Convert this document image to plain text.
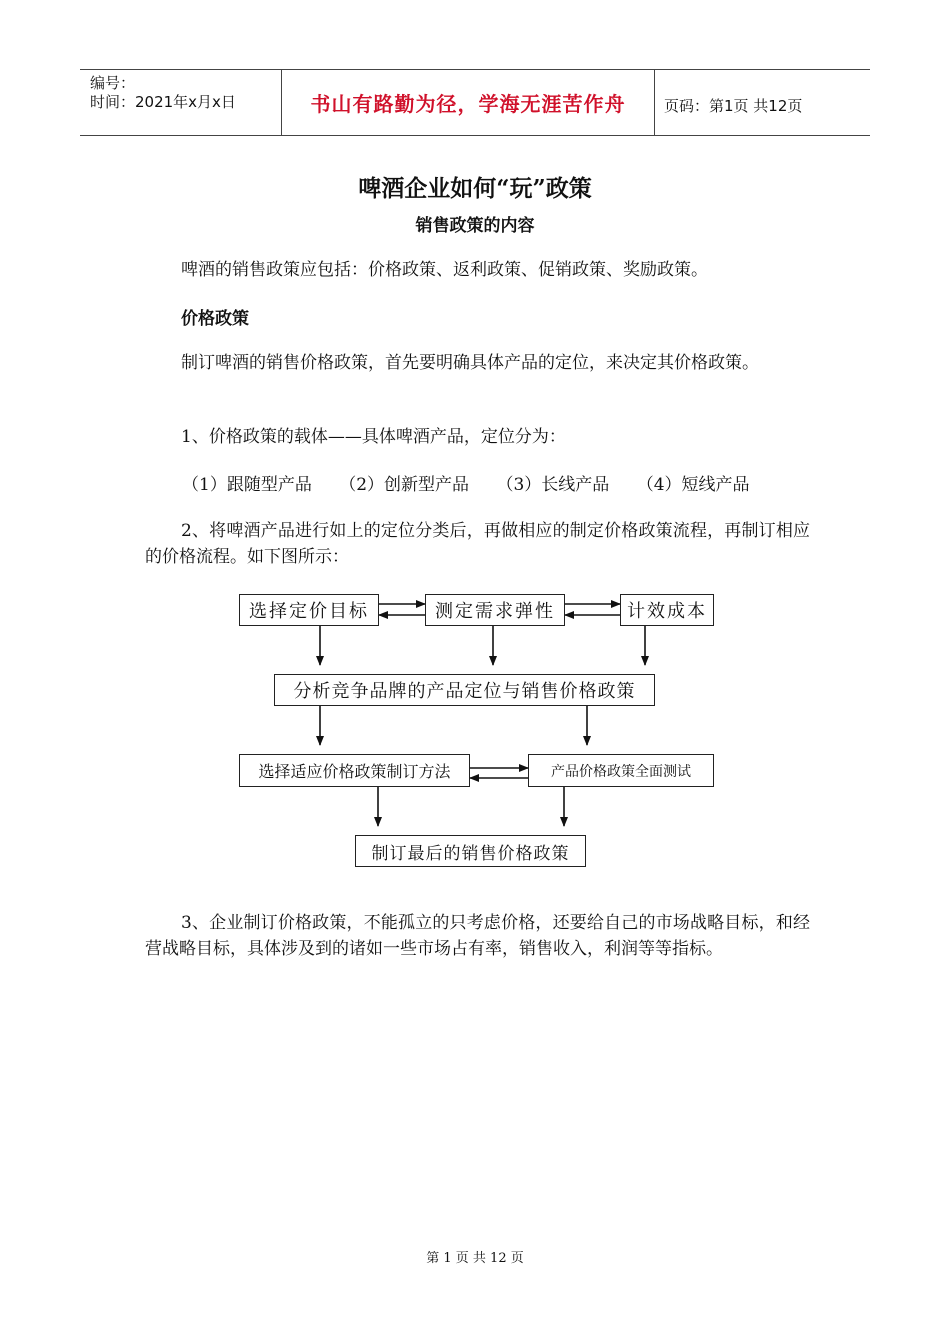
编号：
时间：2021年x月x日	书山有路勤为径，学海无涯苦作舟	页码：第1页 共12页
啤酒企业如何“玩”政策
销售政策的内容
啤酒的销售政策应包括：价格政策、返利政策、促销政策、奖励政策。
价格政策
制订啤酒的销售价格政策，首先要明确具体产品的定位，来决定其价格政策。
1、价格政策的载体——具体啤酒产品，定位分为：
（1）跟随型产品 （2）创新型产品 （3）长线产品 （4）短线产品
2、将啤酒产品进行如上的定位分类后，再做相应的制定价格政策流程，再制订相应的价格流程。如下图所示：
选择定价目标	测定需求弹性	计效成本
分析竞争品牌的产品定位与销售价格政策
选择适应价格政策制订方法	产品价格政策全面测试
制订最后的销售价格政策
3、企业制订价格政策，不能孤立的只考虑价格，还要给自己的市场战略目标，和经营战略目标，具体涉及到的诸如一些市场占有率，销售收入，利润等等指标。
第 1 页 共 12 页
